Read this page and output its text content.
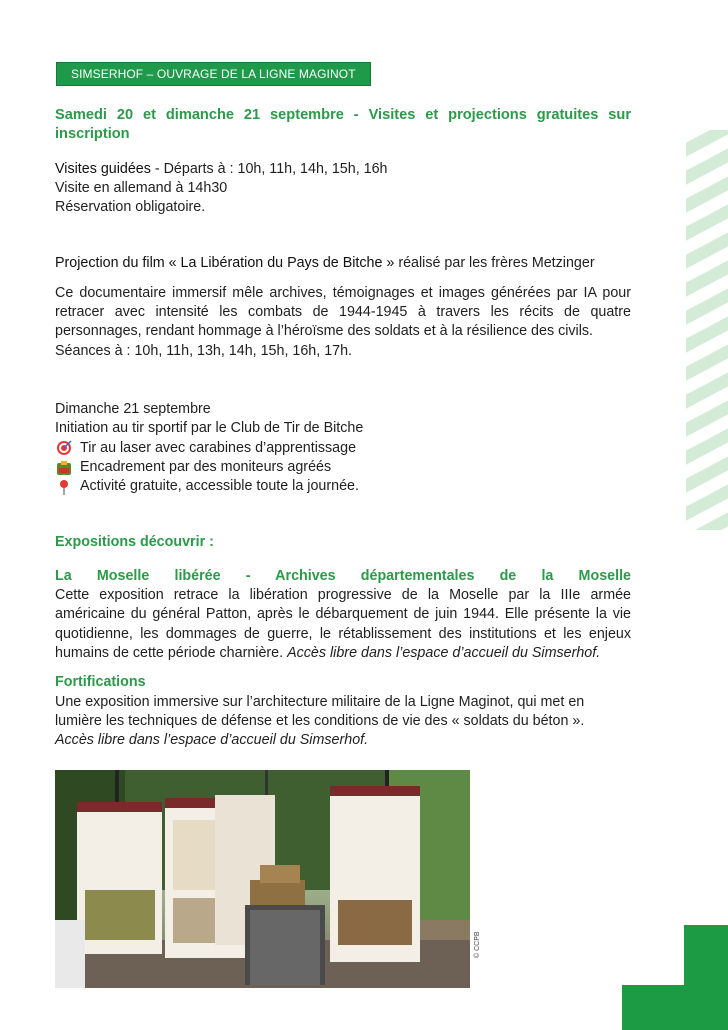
SIMSERHOF – OUVRAGE DE LA LIGNE MAGINOT
Samedi 20 et dimanche 21 septembre - Visites et projections gratuites sur inscription
Visites guidées - Départs à : 10h, 11h, 14h, 15h, 16h
Visite en allemand à 14h30
Réservation obligatoire.
Projection du film « La Libération du Pays de Bitche » réalisé par les frères Metzinger
Ce documentaire immersif mêle archives, témoignages et images générées par IA pour retracer avec intensité les combats de 1944-1945 à travers les récits de quatre personnages, rendant hommage à l’héroïsme des soldats et à la résilience des civils.
Séances à : 10h, 11h, 13h, 14h, 15h, 16h, 17h.
Dimanche 21 septembre
Initiation au tir sportif par le Club de Tir de Bitche
Tir au laser avec carabines d’apprentissage
Encadrement par des moniteurs agréés
Activité gratuite, accessible toute la journée.
Expositions découvrir :
La Moselle libérée - Archives départementales de la Moselle
Cette exposition retrace la libération progressive de la Moselle par la IIIe armée américaine du général Patton, après le débarquement de juin 1944. Elle présente la vie quotidienne, les dommages de guerre, le rétablissement des institutions et les enjeux humains de cette période charnière. Accès libre dans l’espace d’accueil du Simserhof.
Fortifications
Une exposition immersive sur l’architecture militaire de la Ligne Maginot, qui met en lumière les techniques de défense et les conditions de vie des « soldats du béton ».
Accès libre dans l’espace d’accueil du Simserhof.
© CCPB
